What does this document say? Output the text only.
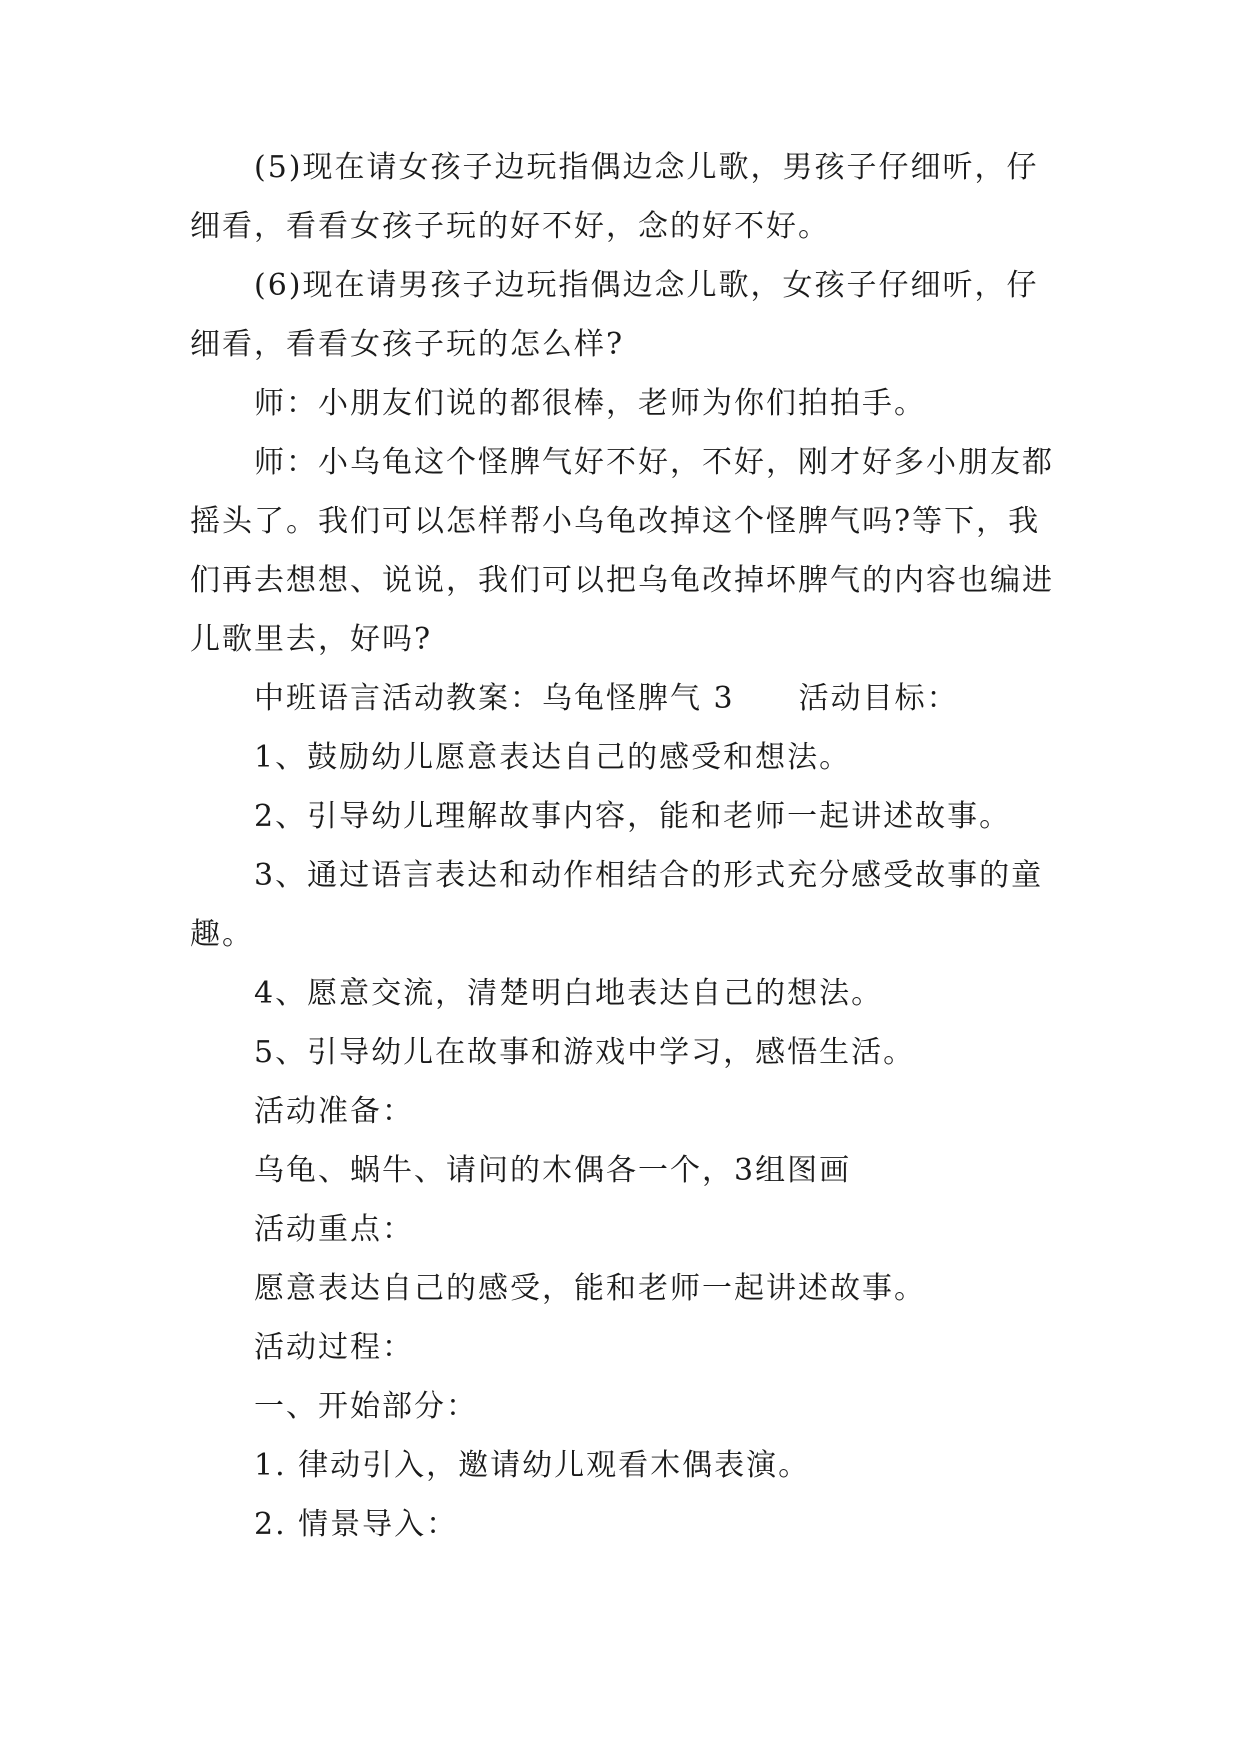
(5)现在请女孩子边玩指偶边念儿歌，男孩子仔细听，仔细看，看看女孩子玩的好不好，念的好不好。

(6)现在请男孩子边玩指偶边念儿歌，女孩子仔细听，仔细看，看看女孩子玩的怎么样?

师：小朋友们说的都很棒，老师为你们拍拍手。

师：小乌龟这个怪脾气好不好，不好，刚才好多小朋友都摇头了。我们可以怎样帮小乌龟改掉这个怪脾气吗?等下，我们再去想想、说说，我们可以把乌龟改掉坏脾气的内容也编进儿歌里去，好吗?

中班语言活动教案：乌龟怪脾气 3　　活动目标：

1、鼓励幼儿愿意表达自己的感受和想法。

2、引导幼儿理解故事内容，能和老师一起讲述故事。

3、通过语言表达和动作相结合的形式充分感受故事的童趣。

4、愿意交流，清楚明白地表达自己的想法。

5、引导幼儿在故事和游戏中学习，感悟生活。

活动准备：

乌龟、蜗牛、请问的木偶各一个，3组图画

活动重点：

愿意表达自己的感受，能和老师一起讲述故事。

活动过程：

一、开始部分：

1. 律动引入，邀请幼儿观看木偶表演。

2. 情景导入：
